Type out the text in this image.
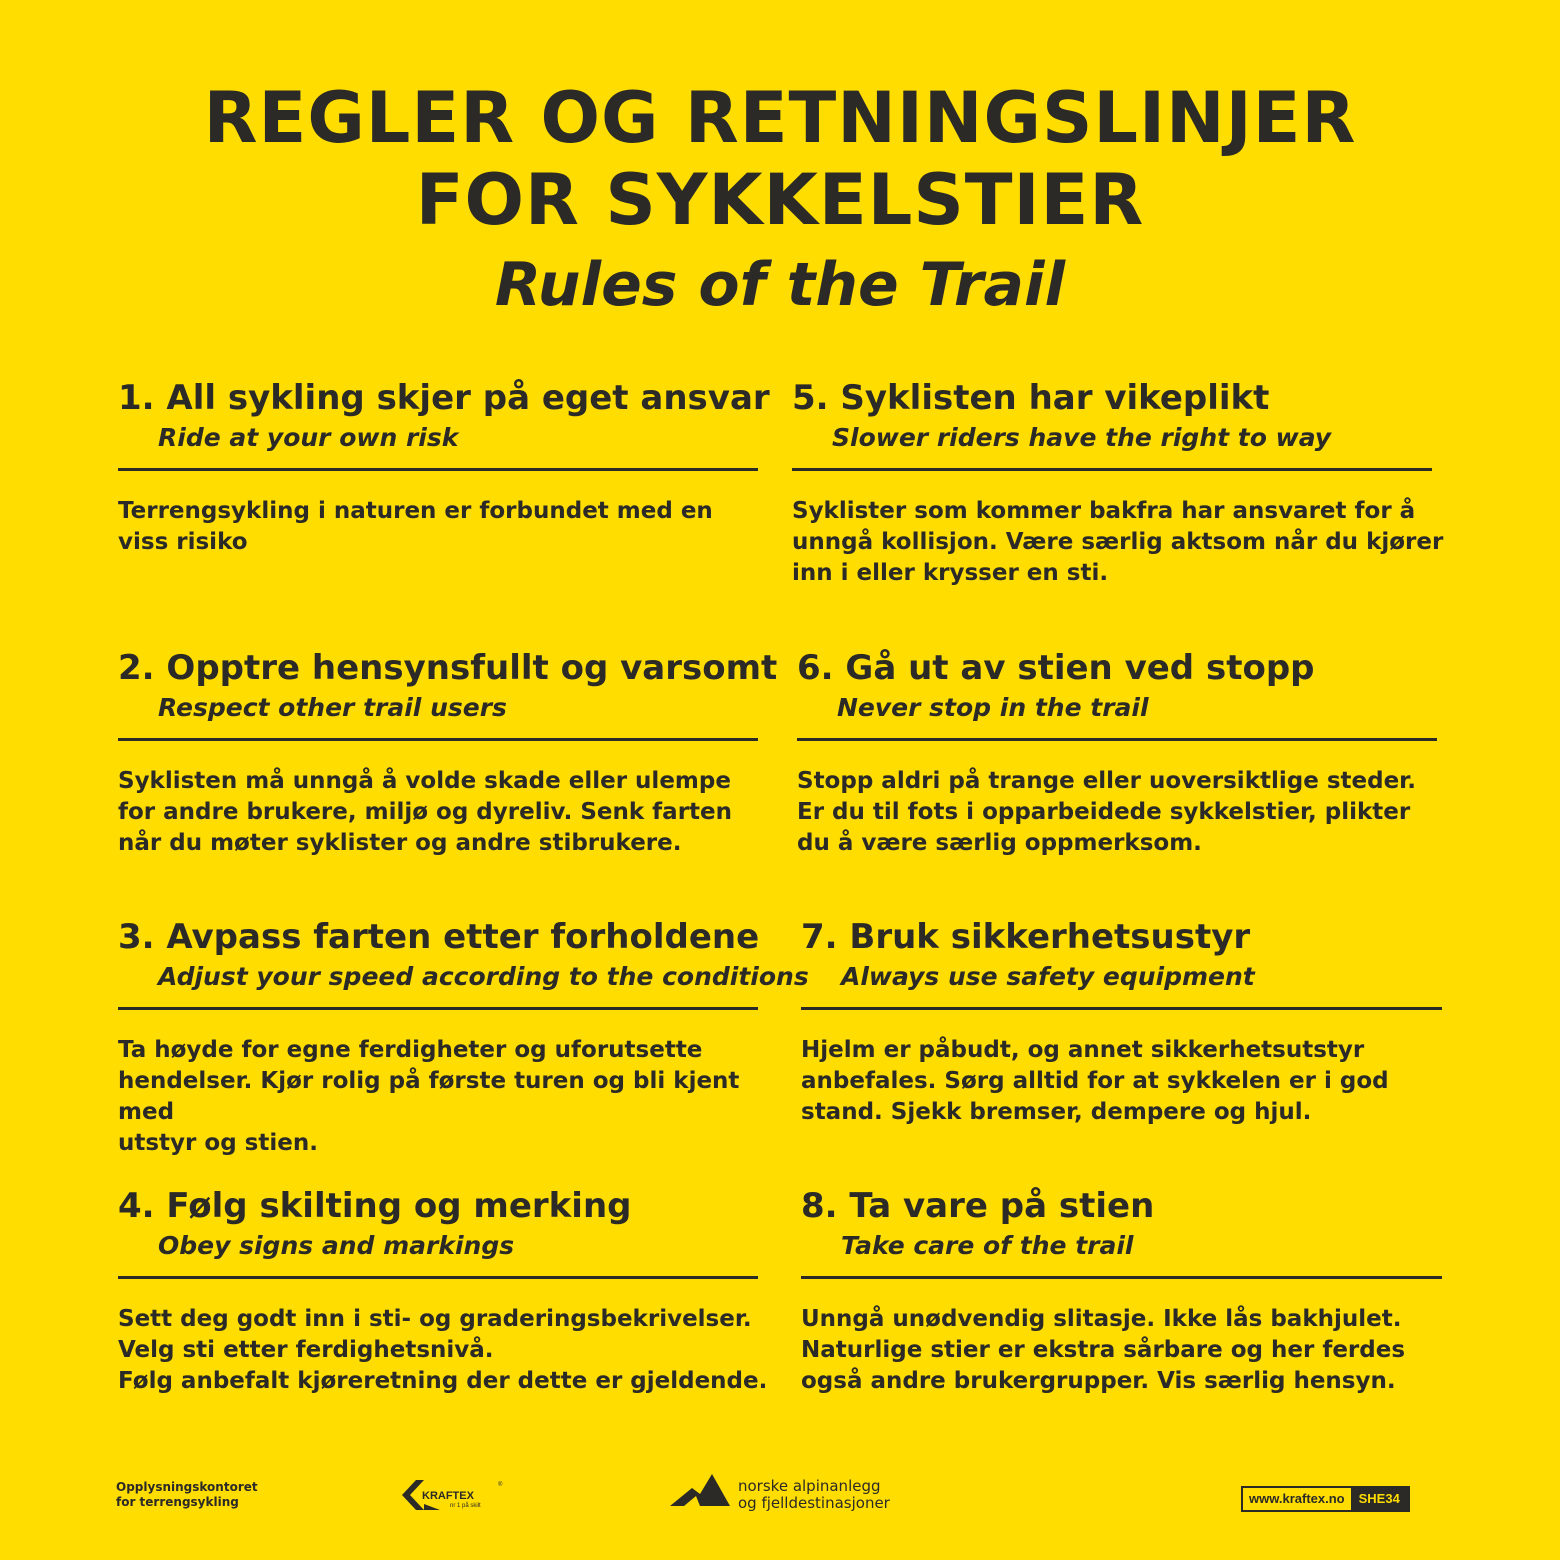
REGLER OG RETNINGSLINJER
FOR SYKKELSTIER
Rules of the Trail
1. All sykling skjer på eget ansvar
Ride at your own risk
Terrengsykling i naturen er forbundet med en
viss risiko
2. Opptre hensynsfullt og varsomt
Respect other trail users
Syklisten må unngå å volde skade eller ulempe
for andre brukere, miljø og dyreliv. Senk farten
når du møter syklister og andre stibrukere.
3. Avpass farten etter forholdene
Adjust your speed according to the conditions
Ta høyde for egne ferdigheter og uforutsette
hendelser. Kjør rolig på første turen og bli kjent med
utstyr og stien.
4. Følg skilting og merking
Obey signs and markings
Sett deg godt inn i sti- og graderingsbekrivelser.
Velg sti etter ferdighetsnivå.
Følg anbefalt kjøreretning der dette er gjeldende.
5. Syklisten har vikeplikt
Slower riders have the right to way
Syklister som kommer bakfra har ansvaret for å
unngå kollisjon. Være særlig aktsom når du kjører
inn i eller krysser en sti.
6. Gå ut av stien ved stopp
Never stop in the trail
Stopp aldri på trange eller uoversiktlige steder.
Er du til fots i opparbeidede sykkelstier, plikter
du å være særlig oppmerksom.
7. Bruk sikkerhetsustyr
Always use safety equipment
Hjelm er påbudt, og annet sikkerhetsutstyr
anbefales. Sørg alltid for at sykkelen er i god
stand. Sjekk bremser, dempere og hjul.
8. Ta vare på stien
Take care of the trail
Unngå unødvendig slitasje. Ikke lås bakhjulet.
Naturlige stier er ekstra sårbare og her ferdes
også andre brukergrupper. Vis særlig hensyn.
Opplysningskontoret
for terrengsykling	KRAFTEX
nr 1 på skilt
®	norske alpinanlegg
og fjelldestinasjoner	www.kraftex.no	SHE34
